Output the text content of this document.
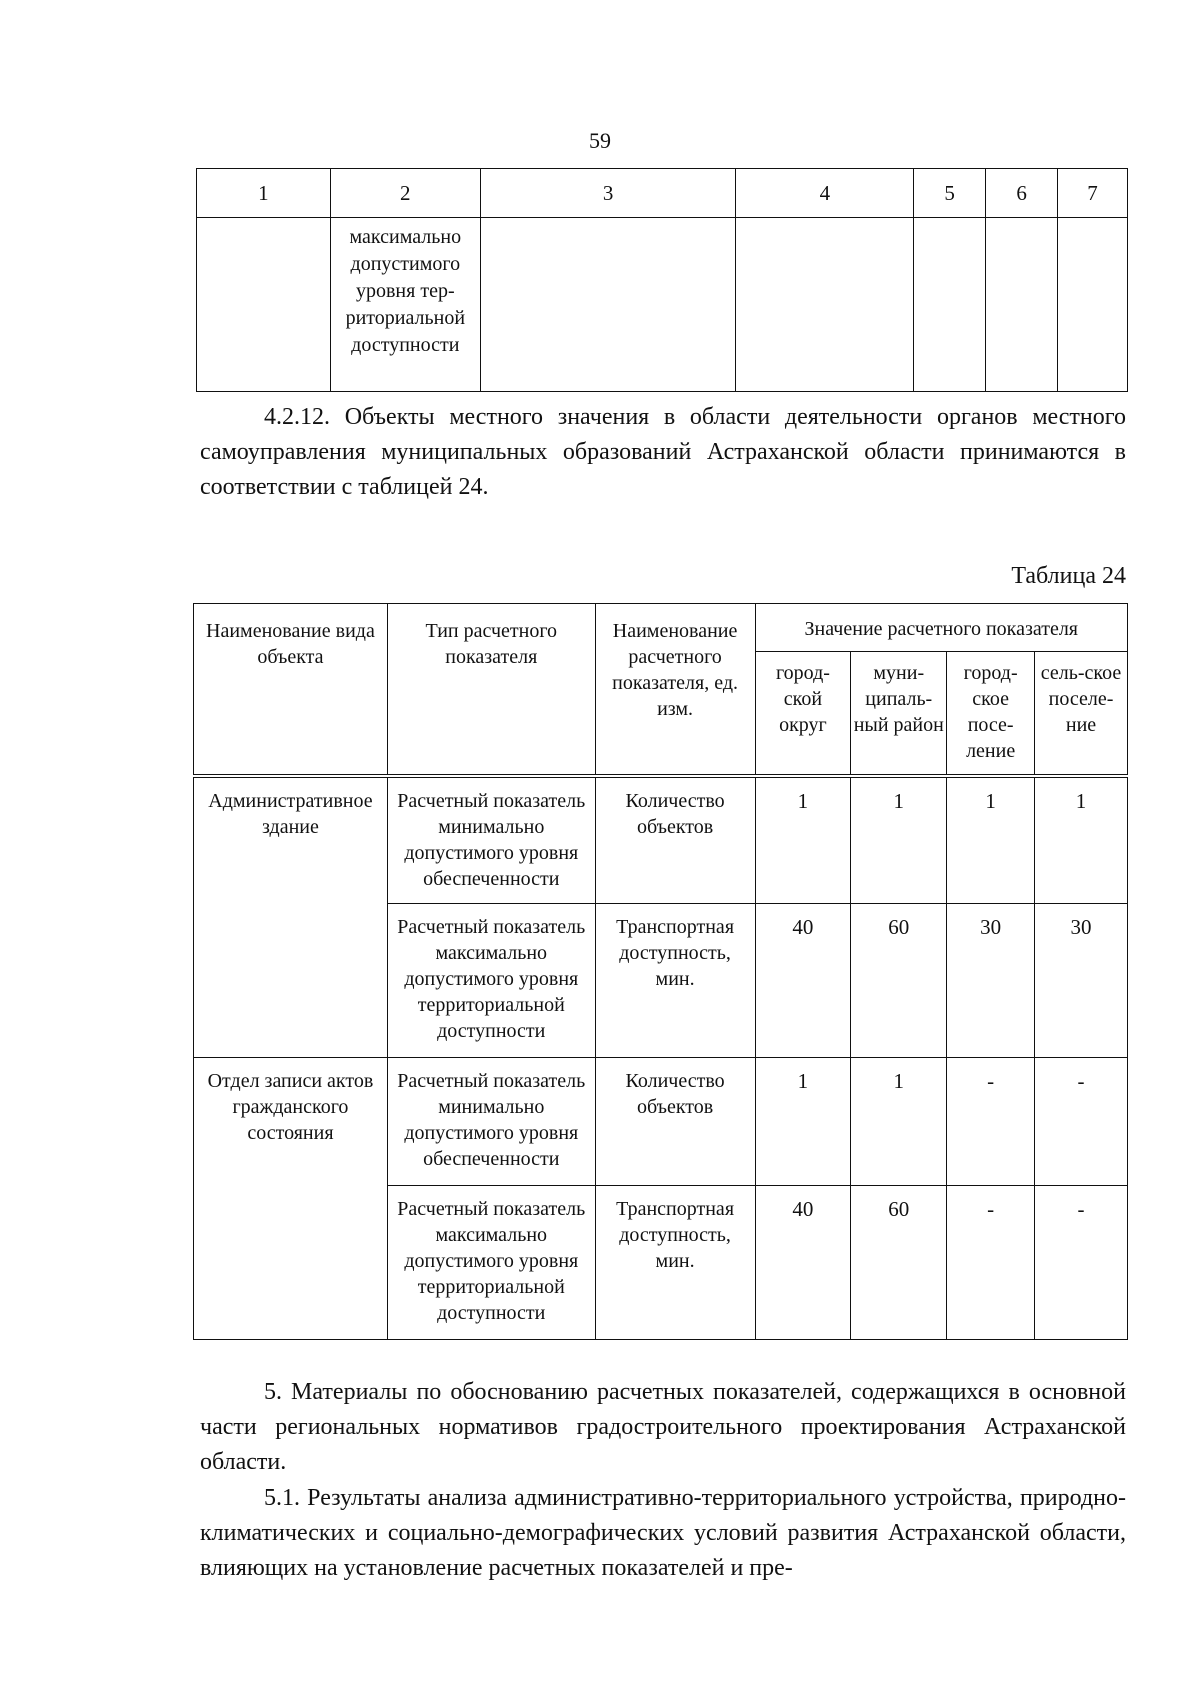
59
1	2	3	4	5	6	7

	максимально
допустимого
уровня тер-
риториальной
доступности					

4.2.12. Объекты местного значения в области деятельности органов местного самоуправления муниципальных образований Астраханской области принимаются в соответствии с таблицей 24.
Таблица 24
Наименование вида объекта	Тип расчетного показателя	Наименование расчетного показателя, ед. изм.	Значение расчетного показателя			
			город-ской округ	муни-ципаль-ный район	город-ское посе-ление	сель-ское поселе-ние
Административное здание	Расчетный показатель минимально допустимого уровня обеспеченности	Количество объектов	1	1	1	1
	Расчетный показатель максимально допустимого уровня территориальной доступности	Транспортная доступность, мин.	40	60	30	30
Отдел записи актов гражданского состояния	Расчетный показатель минимально допустимого уровня обеспеченности	Количество объектов	1	1	-	-
	Расчетный показатель максимально допустимого уровня территориальной доступности	Транспортная доступность, мин.	40	60	-	-
5. Материалы по обоснованию расчетных показателей, содержащихся в основной части региональных нормативов градостроительного проектирования Астраханской области.
5.1. Результаты анализа административно-территориального устройства, природно-климатических и социально-демографических условий развития Астраханской области, влияющих на установление расчетных показателей и пре-
